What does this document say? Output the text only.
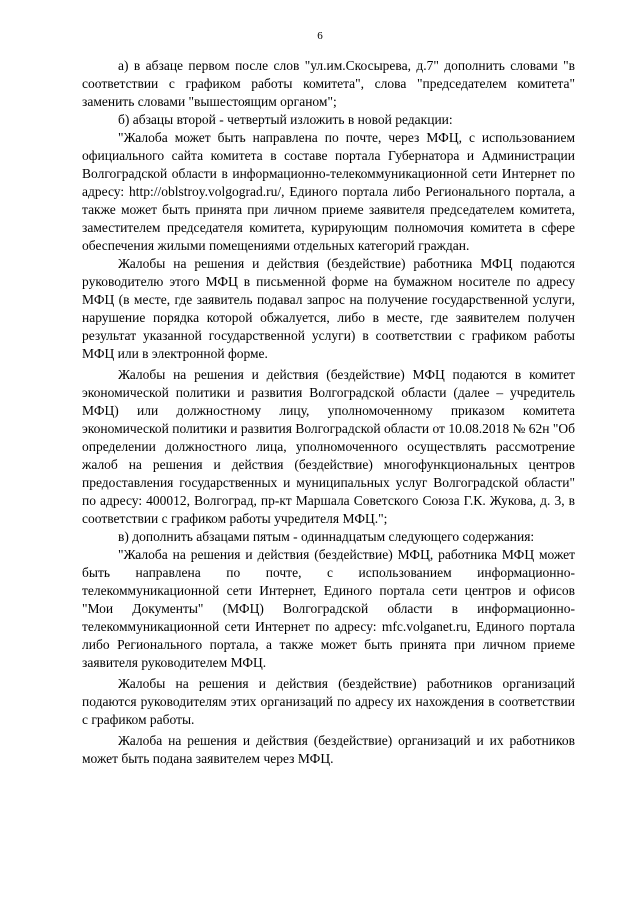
6

а) в абзаце первом после слов "ул.им.Скосырева, д.7" дополнить словами "в соответствии с графиком работы комитета", слова "председателем комитета" заменить словами "вышестоящим органом";

б) абзацы второй - четвертый изложить в новой редакции:

"Жалоба может быть направлена по почте, через МФЦ, с использованием официального сайта комитета в составе портала Губернатора и Администрации Волгоградской области в информационно-телекоммуникационной сети Интернет по адресу: http://oblstroy.volgograd.ru/, Единого портала либо Регионального портала, а также может быть принята при личном приеме заявителя председателем комитета, заместителем председателя комитета, курирующим полномочия комитета в сфере обеспечения жилыми помещениями отдельных категорий граждан.

Жалобы на решения и действия (бездействие) работника МФЦ подаются руководителю этого МФЦ в письменной форме на бумажном носителе по адресу МФЦ (в месте, где заявитель подавал запрос на получение государственной услуги, нарушение порядка которой обжалуется, либо в месте, где заявителем получен результат указанной государственной услуги) в соответствии с графиком работы МФЦ или в электронной форме.

Жалобы на решения и действия (бездействие) МФЦ подаются в комитет экономической политики и развития Волгоградской области (далее – учредитель МФЦ) или должностному лицу, уполномоченному приказом комитета экономической политики и развития Волгоградской области от 10.08.2018 № 62н "Об определении должностного лица, уполномоченного осуществлять рассмотрение жалоб на решения и действия (бездействие) многофункциональных центров предоставления государственных и муниципальных услуг Волгоградской области" по адресу: 400012, Волгоград, пр-кт Маршала Советского Союза Г.К. Жукова, д. 3, в соответствии с графиком работы учредителя МФЦ.";

в) дополнить абзацами пятым - одиннадцатым следующего содержания:

"Жалоба на решения и действия (бездействие) МФЦ, работника МФЦ может быть направлена по почте, с использованием информационно-телекоммуникационной сети Интернет, Единого портала сети центров и офисов "Мои Документы" (МФЦ) Волгоградской области в информационно-телекоммуникационной сети Интернет по адресу: mfc.volganet.ru, Единого портала либо Регионального портала, а также может быть принята при личном приеме заявителя руководителем МФЦ.

Жалобы на решения и действия (бездействие) работников организаций подаются руководителям этих организаций по адресу их нахождения в соответствии с графиком работы.

Жалоба на решения и действия (бездействие) организаций и их работников может быть подана заявителем через МФЦ.
